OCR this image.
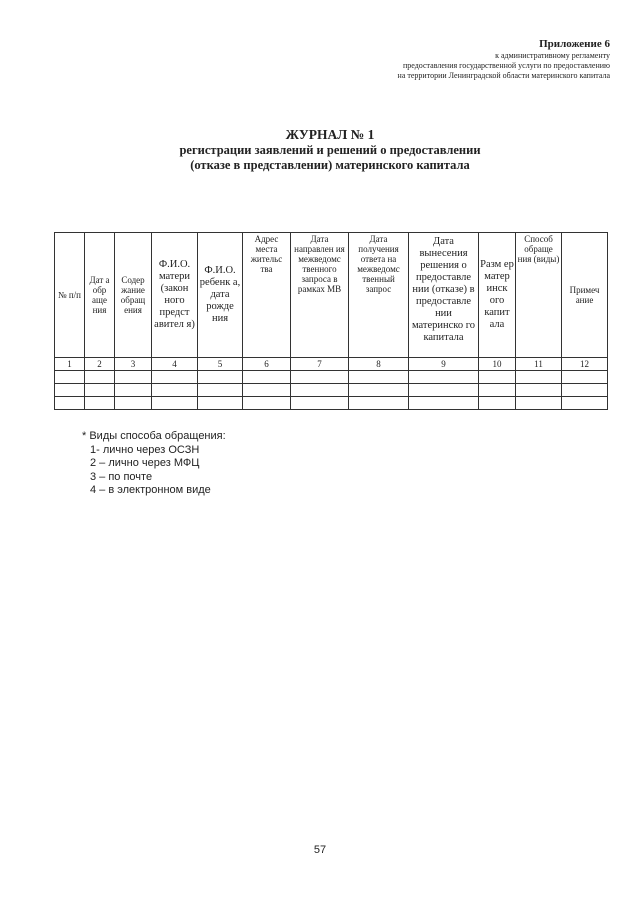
Приложение 6
к административному регламенту
предоставления государственной услуги по предоставлению
на территории Ленинградской области материнского капитала
ЖУРНАЛ № 1
регистрации заявлений и решений о предоставлении
(отказе в представлении) материнского капитала
№ п/п	Дат а обр аще ния	Содер жание обращ ения	Ф.И.О. матери (закон ного предст авител я)	Ф.И.О. ребенк а, дата рожде ния	Адрес места жительс тва	Дата направлен ия межведомс твенного запроса в рамках МВ	Дата получения ответа на межведомс твенный запрос	Дата вынесения решения о предоставле нии (отказе) в предоставле нии материнско го капитала	Разм ер матер инск ого капит ала	Способ обраще ния (виды)	Примеч ание
1	2	3	4	5	6	7	8	9	10	11	12

* Виды способа обращения:
1- лично через ОСЗН
2 – лично через МФЦ
3 – по почте
4 – в электронном виде
57
